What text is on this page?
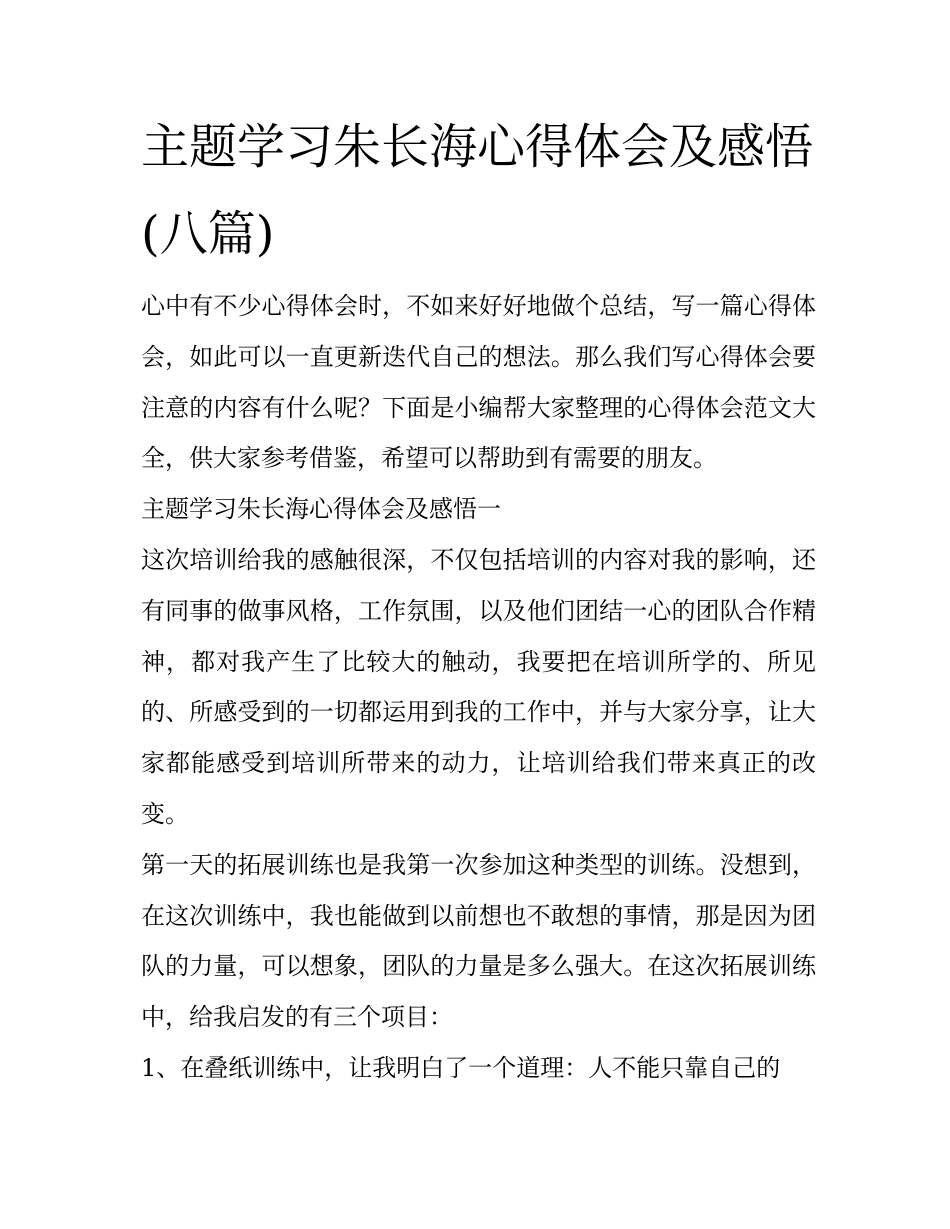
主题学习朱长海心得体会及感悟(八篇)

心中有不少心得体会时，不如来好好地做个总结，写一篇心得体会，如此可以一直更新迭代自己的想法。那么我们写心得体会要注意的内容有什么呢？下面是小编帮大家整理的心得体会范文大全，供大家参考借鉴，希望可以帮助到有需要的朋友。

主题学习朱长海心得体会及感悟一

这次培训给我的感触很深，不仅包括培训的内容对我的影响，还有同事的做事风格，工作氛围，以及他们团结一心的团队合作精神，都对我产生了比较大的触动，我要把在培训所学的、所见的、所感受到的一切都运用到我的工作中，并与大家分享，让大家都能感受到培训所带来的动力，让培训给我们带来真正的改变。

第一天的拓展训练也是我第一次参加这种类型的训练。没想到，在这次训练中，我也能做到以前想也不敢想的事情，那是因为团队的力量，可以想象，团队的力量是多么强大。在这次拓展训练中，给我启发的有三个项目：

1、在叠纸训练中，让我明白了一个道理：人不能只靠自己的
